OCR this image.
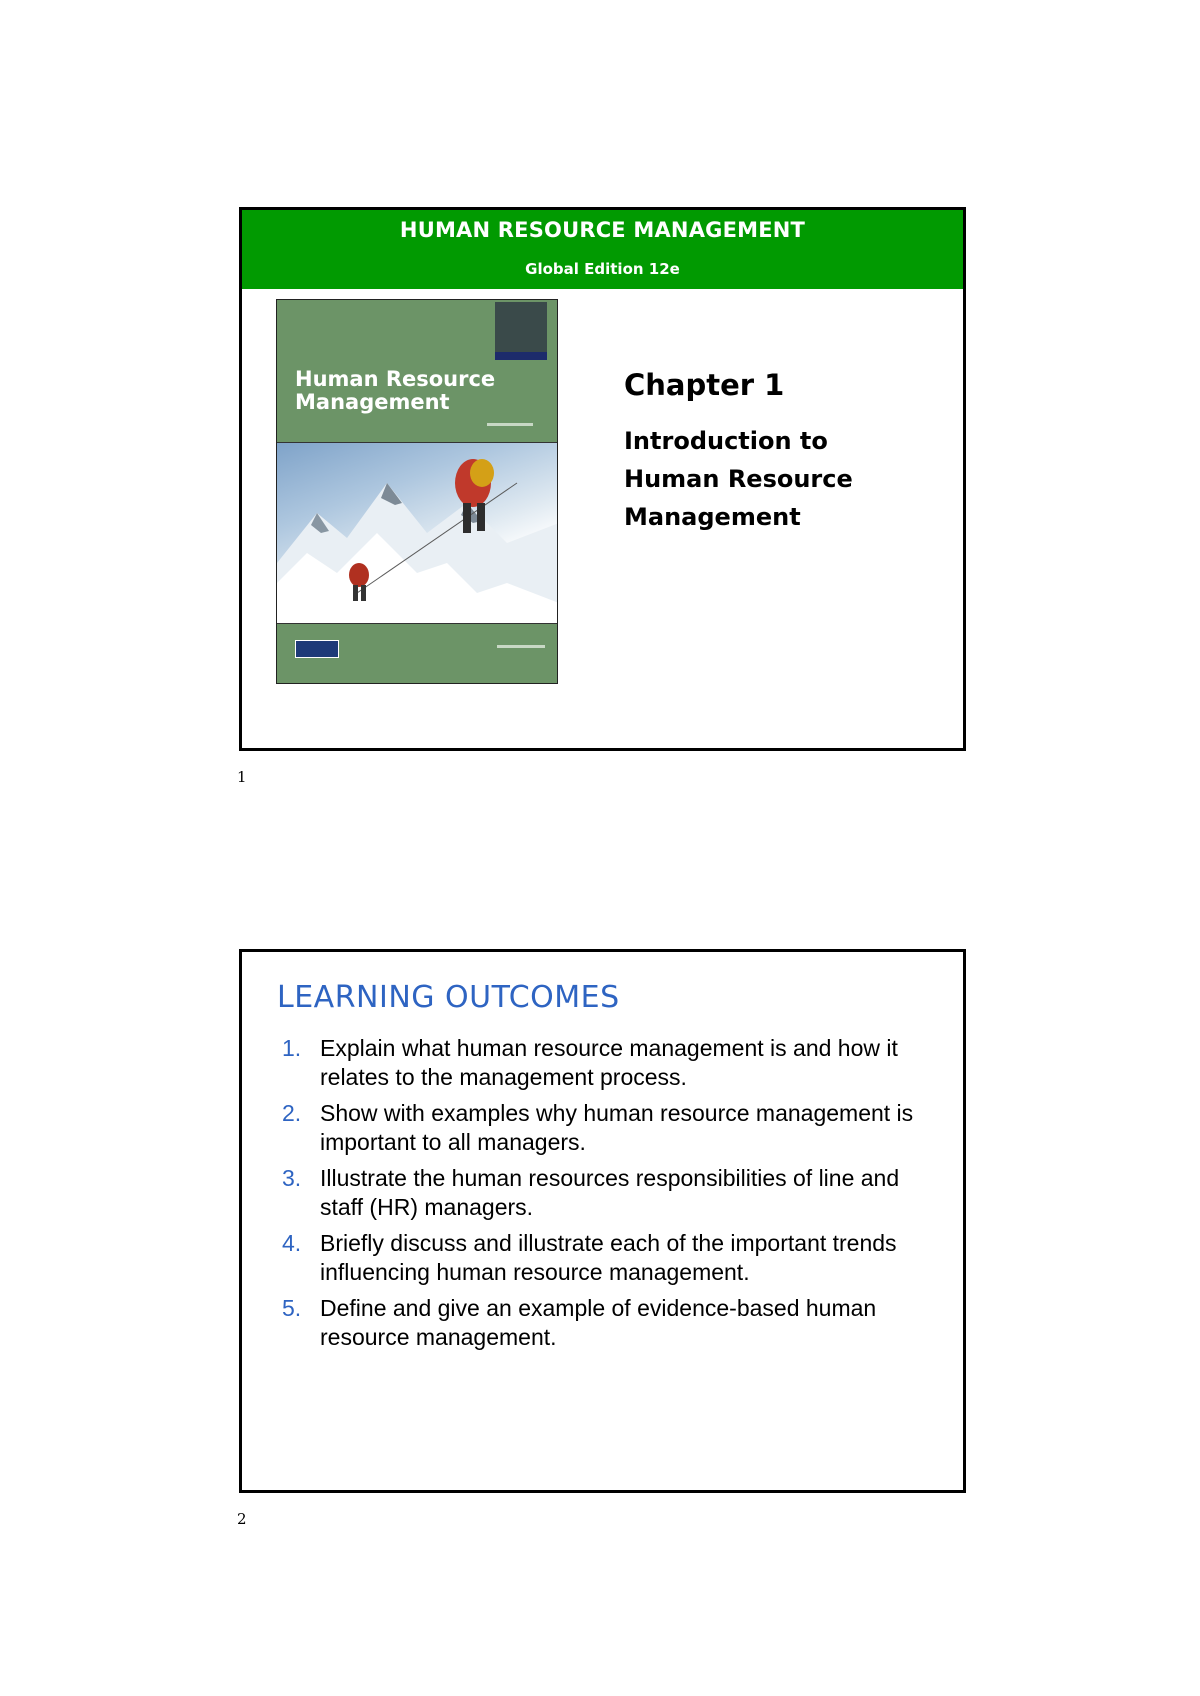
HUMAN RESOURCE MANAGEMENT
Global Edition 12e
Human Resource
Management	Chapter 1
Introduction to
Human Resource
Management
1
LEARNING OUTCOMES
1. Explain what human resource management is and how it relates to the management process.
2. Show with examples why human resource management is important to all managers.
3. Illustrate the human resources responsibilities of line and staff (HR) managers.
4. Briefly discuss and illustrate each of the important trends influencing human resource management.
5. Define and give an example of evidence-based human resource management.
2
